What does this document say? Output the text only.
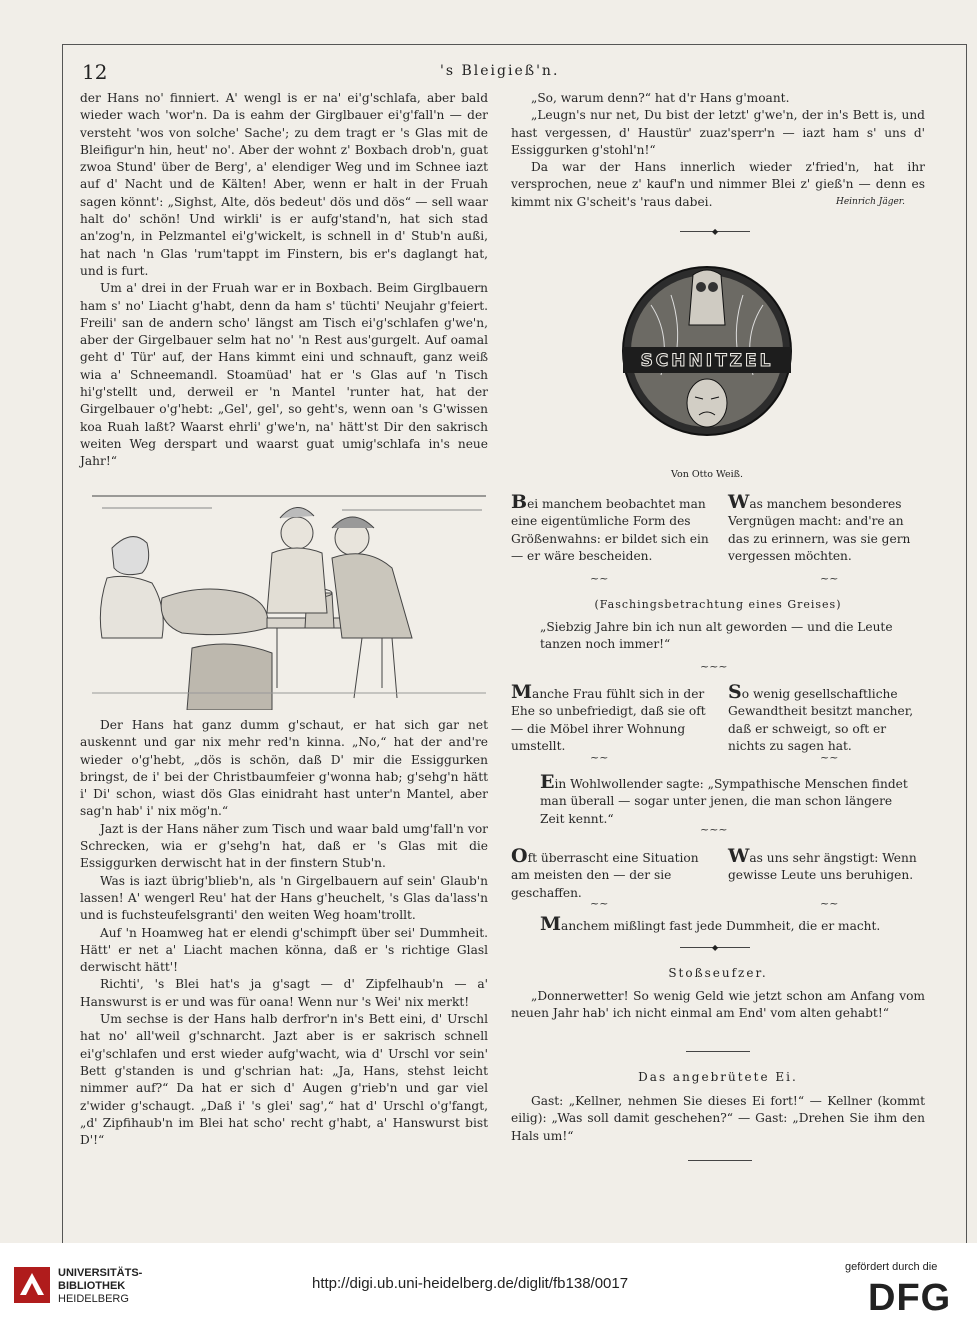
12	's Bleigieß'n.

der Hans no' finniert. A' wengl is er na' ei'g'schlafa, aber bald wieder wach 'wor'n. Da is eahm der Girglbauer ei'g'fall'n — der versteht 'wos von solche' Sache'; zu dem tragt er 's Glas mit de Bleifigur'n hin, heut' no'. Aber der wohnt z' Boxbach drob'n, guat zwoa Stund' über de Berg', a' elendiger Weg und im Schnee iazt auf d' Nacht und de Kälten! Aber, wenn er halt in der Fruah sagen könnt': „Sighst, Alte, dös bedeut' dös und dös“ — sell waar halt do' schön! Und wirkli' is er aufg'stand'n, hat sich stad an'zog'n, in Pelzmantel ei'g'wickelt, is schnell in d' Stub'n außi, hat nach 'n Glas 'rum'tappt im Finstern, bis er's daglangt hat, und is furt.

Um a' drei in der Fruah war er in Boxbach. Beim Girglbauern ham s' no' Liacht g'habt, denn da ham s' tüchti' Neujahr g'feiert. Freili' san de andern scho' längst am Tisch ei'g'schlafen g'we'n, aber der Girgelbauer selm hat no' 'n Rest aus'gurgelt. Auf oamal geht d' Tür' auf, der Hans kimmt eini und schnauft, ganz weiß wia a' Schneemandl. Stoamüad' hat er 's Glas auf 'n Tisch hi'g'stellt und, derweil er 'n Mantel 'runter hat, hat der Girgelbauer o'g'hebt: „Gel', gel', so geht's, wenn oan 's G'wissen koa Ruah laßt? Waarst ehrli' g'we'n, na' hätt'st Dir den sakrisch weiten Weg derspart und waarst guat umig'schlafa in's neue Jahr!“

Der Hans hat ganz dumm g'schaut, er hat sich gar net auskennt und gar nix mehr red'n kinna. „No,“ hat der and're wieder o'g'hebt, „dös is schön, daß D' mir die Essiggurken bringst, de i' bei der Christbaumfeier g'wonna hab; g'sehg'n hätt i' Di' schon, wiast dös Glas einidraht hast unter'n Mantel, aber sag'n hab' i' nix mög'n.“

Jazt is der Hans näher zum Tisch und waar bald umg'fall'n vor Schrecken, wia er g'sehg'n hat, daß er 's Glas mit die Essiggurken derwischt hat in der finstern Stub'n.

Was is iazt übrig'blieb'n, als 'n Girgelbauern auf sein' Glaub'n lassen! A' wengerl Reu' hat der Hans g'heuchelt, 's Glas da'lass'n und is fuchsteufelsgranti' den weiten Weg hoam'trollt.

Auf 'n Hoamweg hat er elendi g'schimpft über sei' Dummheit. Hätt' er net a' Liacht machen könna, daß er 's richtige Glasl derwischt hätt'!

Richti', 's Blei hat's ja g'sagt — d' Zipfelhaub'n — a' Hanswurst is er und was für oana! Wenn nur 's Wei' nix merkt!

Um sechse is der Hans halb derfror'n in's Bett eini, d' Urschl hat no' all'weil g'schnarcht. Jazt aber is er sakrisch schnell ei'g'schlafen und erst wieder aufg'wacht, wia d' Urschl vor sein' Bett g'standen is und g'schrian hat: „Ja, Hans, stehst leicht nimmer auf?“ Da hat er sich d' Augen g'rieb'n und gar viel z'wider g'schaugt. „Daß i' 's glei' sag',“ hat d' Urschl o'g'fangt, „d' Zipfihaub'n im Blei hat scho' recht g'habt, a' Hanswurst bist D'!“

„So, warum denn?“ hat d'r Hans g'moant.

„Leugn's nur net, Du bist der letzt' g'we'n, der in's Bett is, und hast vergessen, d' Haustür' zuaz'sperr'n — iazt ham s' uns d' Essiggurken g'stohl'n!“

Da war der Hans innerlich wieder z'fried'n, hat ihr versprochen, neue z' kauf'n und nimmer Blei z' gieß'n — denn es kimmt nix G'scheit's 'raus dabei.	Heinrich Jäger.
◆
SCHNITZEL
Von Otto Weiß.
Bei manchem beobachtet man eine eigentümliche Form des Größenwahns: er bildet sich ein — er wäre bescheiden.
Was manchem besonderes Vergnügen macht: and're an das zu erinnern, was sie gern vergessen möchten.
~~	~~
(Faschingsbetrachtung eines Greises)
„Siebzig Jahre bin ich nun alt geworden — und die Leute tanzen noch immer!“
~~~
Manche Frau fühlt sich in der Ehe so unbefriedigt, daß sie oft — die Möbel ihrer Wohnung umstellt.
So wenig gesellschaftliche Gewandtheit besitzt mancher, daß er schweigt, so oft er nichts zu sagen hat.
~~	~~
Ein Wohlwollender sagte: „Sympathische Menschen findet man überall — sogar unter jenen, die man schon längere Zeit kennt.“
~~~
Oft überrascht eine Situation am meisten den — der sie geschaffen.
Was uns sehr ängstigt: Wenn gewisse Leute uns beruhigen.
~~	~~
Manchem mißlingt fast jede Dummheit, die er macht.
◆
Stoßseufzer.
„Donnerwetter! So wenig Geld wie jetzt schon am Anfang vom neuen Jahr hab' ich nicht einmal am End' vom alten gehabt!“
Das angebrütete Ei.
Gast: „Kellner, nehmen Sie dieses Ei fort!“ — Kellner (kommt eilig): „Was soll damit geschehen?“ — Gast: „Drehen Sie ihm den Hals um!“
UNIVERSITÄTS-
BIBLIOTHEK
HEIDELBERG
http://digi.ub.uni-heidelberg.de/diglit/fb138/0017
gefördert durch die
DFG
